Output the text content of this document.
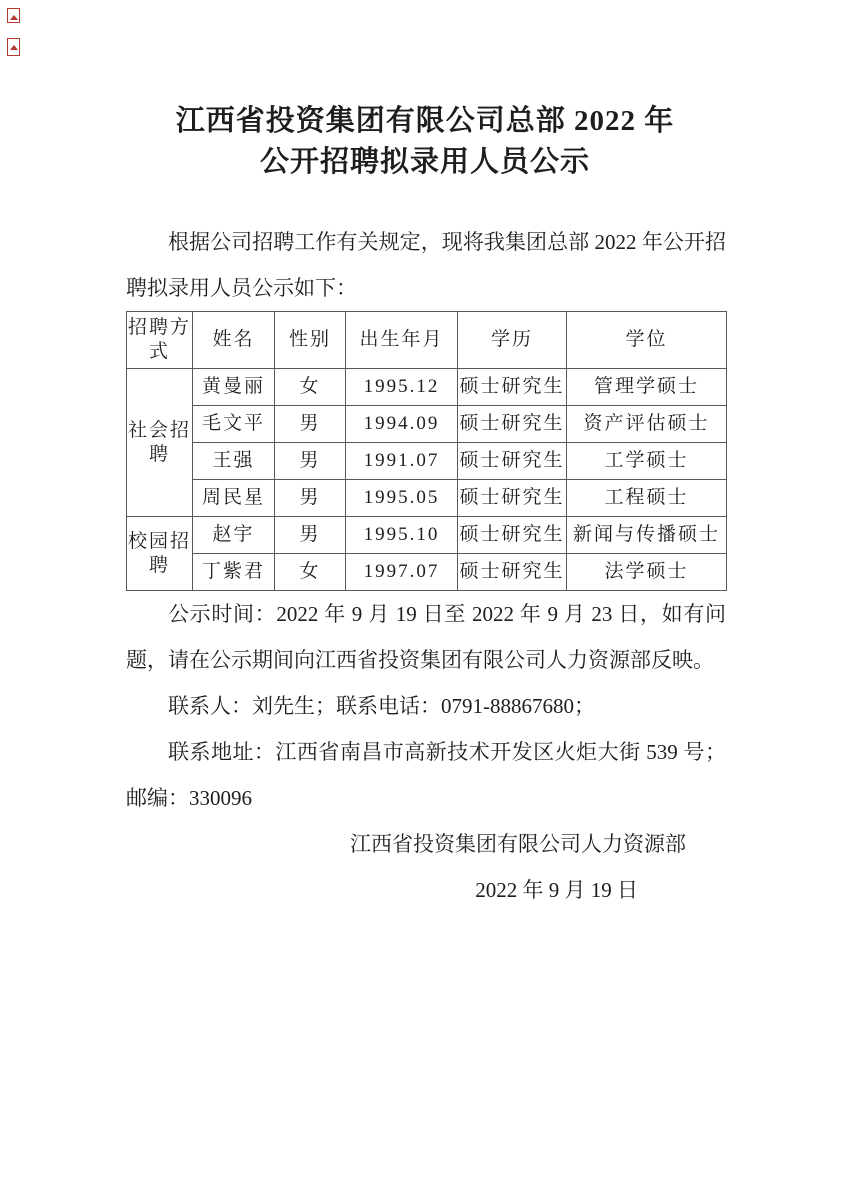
江西省投资集团有限公司总部 2022 年
公开招聘拟录用人员公示

根据公司招聘工作有关规定，现将我集团总部 2022 年公开招聘拟录用人员公示如下：

招聘方式	姓名	性别	出生年月	学历	学位
社会招聘	黄曼丽	女	1995.12	硕士研究生	管理学硕士
	毛文平	男	1994.09	硕士研究生	资产评估硕士
	王强	男	1991.07	硕士研究生	工学硕士
	周民星	男	1995.05	硕士研究生	工程硕士
校园招聘	赵宇	男	1995.10	硕士研究生	新闻与传播硕士
	丁紫君	女	1997.07	硕士研究生	法学硕士

公示时间：2022 年 9 月 19 日至 2022 年 9 月 23 日，如有问题，请在公示期间向江西省投资集团有限公司人力资源部反映。

联系人：刘先生；联系电话：0791-88867680；

联系地址：江西省南昌市高新技术开发区火炬大街 539 号；邮编：330096

江西省投资集团有限公司人力资源部
2022 年 9 月 19 日
